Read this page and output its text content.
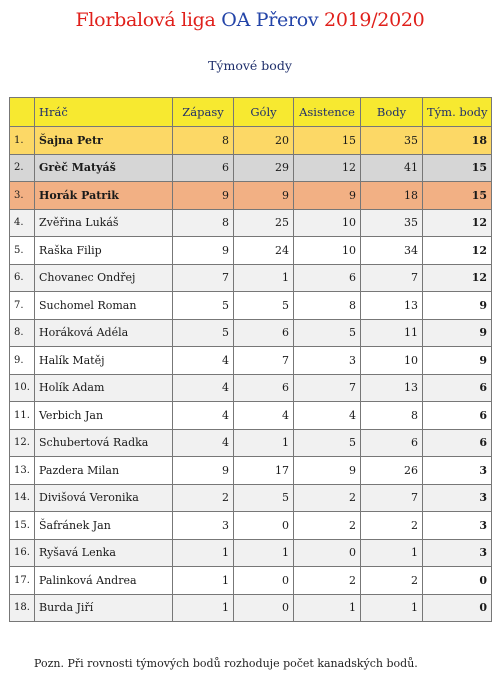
Florbalová liga OA Přerov 2019/2020
Týmové body
	Hráč	Zápasy	Góly	Asistence	Body	Tým. body
1.	Šajna Petr	8	20	15	35	18
2.	Grèč Matyáš	6	29	12	41	15
3.	Horák Patrik	9	9	9	18	15
4.	Zvěřina Lukáš	8	25	10	35	12
5.	Raška Filip	9	24	10	34	12
6.	Chovanec Ondřej	7	1	6	7	12
7.	Suchomel Roman	5	5	8	13	9
8.	Horáková Adéla	5	6	5	11	9
9.	Halík Matěj	4	7	3	10	9
10.	Holík Adam	4	6	7	13	6
11.	Verbich Jan	4	4	4	8	6
12.	Schubertová Radka	4	1	5	6	6
13.	Pazdera Milan	9	17	9	26	3
14.	Divišová Veronika	2	5	2	7	3
15.	Šafránek Jan	3	0	2	2	3
16.	Ryšavá Lenka	1	1	0	1	3
17.	Palinková Andrea	1	0	2	2	0
18.	Burda Jiří	1	0	1	1	0
Pozn. Při rovnosti týmových bodů rozhoduje počet kanadských bodů.
